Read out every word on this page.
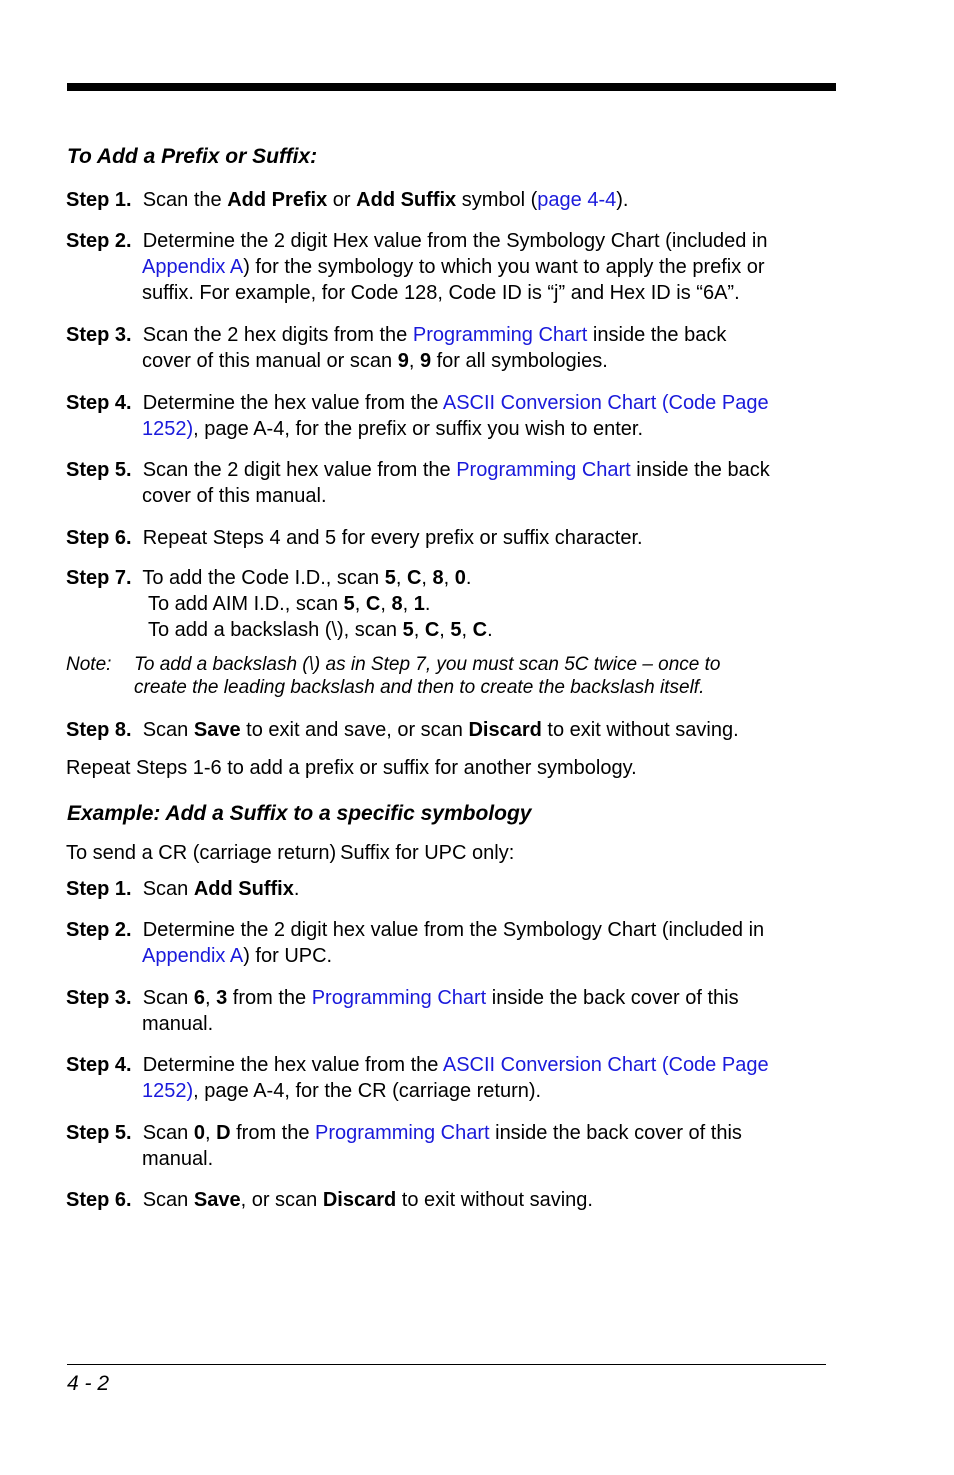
To Add a Prefix or Suffix:
Step 1. Scan the Add Prefix or Add Suffix symbol (page 4-4).
Step 2. Determine the 2 digit Hex value from the Symbology Chart (included in
Appendix A) for the symbology to which you want to apply the prefix or
suffix. For example, for Code 128, Code ID is “j” and Hex ID is “6A”.
Step 3. Scan the 2 hex digits from the Programming Chart inside the back
cover of this manual or scan 9, 9 for all symbologies.
Step 4. Determine the hex value from the ASCII Conversion Chart (Code Page
1252), page A-4, for the prefix or suffix you wish to enter.
Step 5. Scan the 2 digit hex value from the Programming Chart inside the back
cover of this manual.
Step 6. Repeat Steps 4 and 5 for every prefix or suffix character.
Step 7. To add the Code I.D., scan 5, C, 8, 0.
To add AIM I.D., scan 5, C, 8, 1.
To add a backslash (\), scan 5, C, 5, C.
Note: To add a backslash (\) as in Step 7, you must scan 5C twice – once to
create the leading backslash and then to create the backslash itself.
Step 8. Scan Save to exit and save, or scan Discard to exit without saving.
Repeat Steps 1-6 to add a prefix or suffix for another symbology.
Example: Add a Suffix to a specific symbology
To send a CR (carriage return) Suffix for UPC only:
Step 1. Scan Add Suffix.
Step 2. Determine the 2 digit hex value from the Symbology Chart (included in
Appendix A) for UPC.
Step 3. Scan 6, 3 from the Programming Chart inside the back cover of this
manual.
Step 4. Determine the hex value from the ASCII Conversion Chart (Code Page
1252), page A-4, for the CR (carriage return).
Step 5. Scan 0, D from the Programming Chart inside the back cover of this
manual.
Step 6. Scan Save, or scan Discard to exit without saving.
4 - 2
